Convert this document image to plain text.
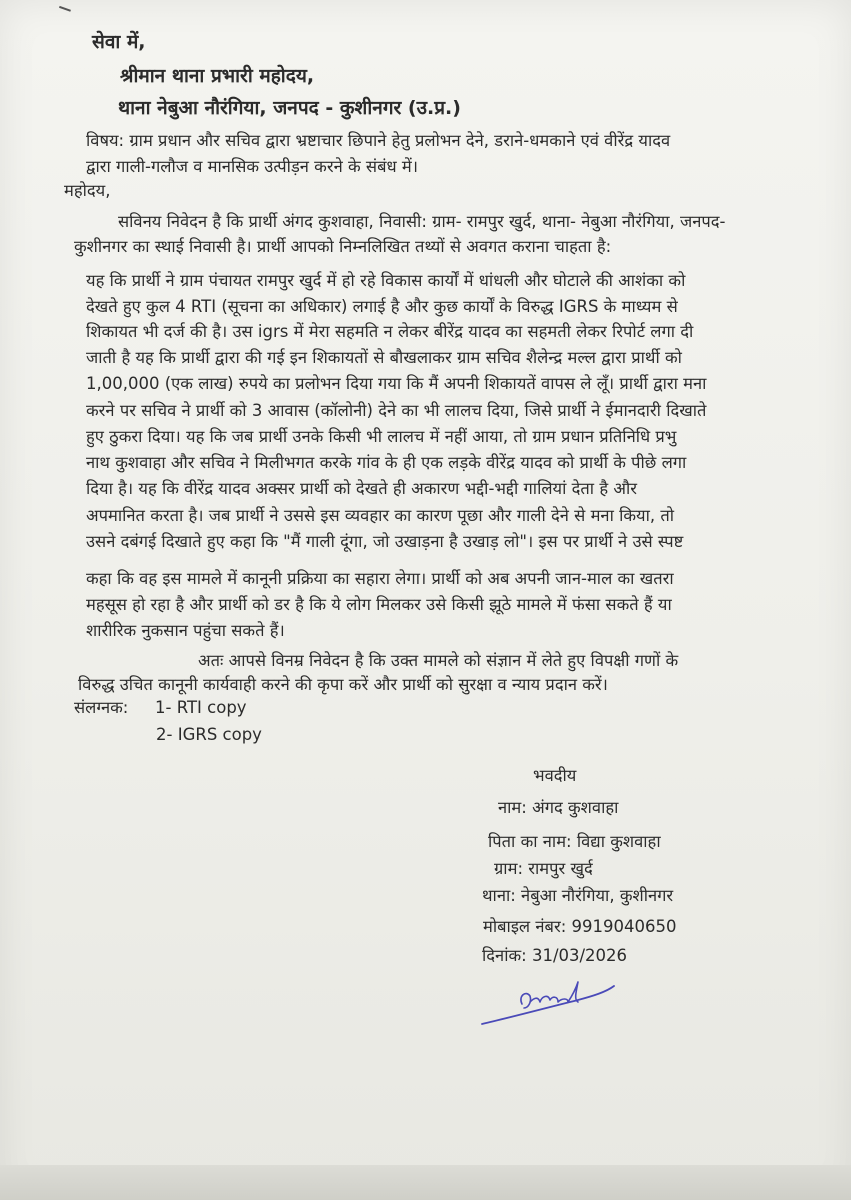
सेवा में,
श्रीमान थाना प्रभारी महोदय,
थाना नेबुआ नौरंगिया, जनपद - कुशीनगर (उ.प्र.)
विषय: ग्राम प्रधान और सचिव द्वारा भ्रष्टाचार छिपाने हेतु प्रलोभन देने, डराने-धमकाने एवं वीरेंद्र यादव
द्वारा गाली-गलौज व मानसिक उत्पीड़न करने के संबंध में।
महोदय,
सविनय निवेदन है कि प्रार्थी अंगद कुशवाहा, निवासी: ग्राम- रामपुर खुर्द, थाना- नेबुआ नौरंगिया, जनपद-
कुशीनगर का स्थाई निवासी है। प्रार्थी आपको निम्नलिखित तथ्यों से अवगत कराना चाहता है:
यह कि प्रार्थी ने ग्राम पंचायत रामपुर खुर्द में हो रहे विकास कार्यों में धांधली और घोटाले की आशंका को
देखते हुए कुल 4 RTI (सूचना का अधिकार) लगाई है और कुछ कार्यों के विरुद्ध IGRS के माध्यम से
शिकायत भी दर्ज की है। उस igrs में मेरा सहमति न लेकर बीरेंद्र यादव का सहमती लेकर रिपोर्ट लगा दी
जाती है यह कि प्रार्थी द्वारा की गई इन शिकायतों से बौखलाकर ग्राम सचिव शैलेन्द्र मल्ल द्वारा प्रार्थी को
1,00,000 (एक लाख) रुपये का प्रलोभन दिया गया कि मैं अपनी शिकायतें वापस ले लूँ। प्रार्थी द्वारा मना
करने पर सचिव ने प्रार्थी को 3 आवास (कॉलोनी) देने का भी लालच दिया, जिसे प्रार्थी ने ईमानदारी दिखाते
हुए ठुकरा दिया। यह कि जब प्रार्थी उनके किसी भी लालच में नहीं आया, तो ग्राम प्रधान प्रतिनिधि प्रभु
नाथ कुशवाहा और सचिव ने मिलीभगत करके गांव के ही एक लड़के वीरेंद्र यादव को प्रार्थी के पीछे लगा
दिया है। यह कि वीरेंद्र यादव अक्सर प्रार्थी को देखते ही अकारण भद्दी-भद्दी गालियां देता है और
अपमानित करता है। जब प्रार्थी ने उससे इस व्यवहार का कारण पूछा और गाली देने से मना किया, तो
उसने दबंगई दिखाते हुए कहा कि "मैं गाली दूंगा, जो उखाड़ना है उखाड़ लो"। इस पर प्रार्थी ने उसे स्पष्ट
कहा कि वह इस मामले में कानूनी प्रक्रिया का सहारा लेगा। प्रार्थी को अब अपनी जान-माल का खतरा
महसूस हो रहा है और प्रार्थी को डर है कि ये लोग मिलकर उसे किसी झूठे मामले में फंसा सकते हैं या
शारीरिक नुकसान पहुंचा सकते हैं।
अतः आपसे विनम्र निवेदन है कि उक्त मामले को संज्ञान में लेते हुए विपक्षी गणों के
विरुद्ध उचित कानूनी कार्यवाही करने की कृपा करें और प्रार्थी को सुरक्षा व न्याय प्रदान करें।
संलग्नक: 1- RTI copy
2- IGRS copy
भवदीय
नाम: अंगद कुशवाहा
पिता का नाम: विद्या कुशवाहा
ग्राम: रामपुर खुर्द
थाना: नेबुआ नौरंगिया, कुशीनगर
मोबाइल नंबर: 9919040650
दिनांक: 31/03/2026
